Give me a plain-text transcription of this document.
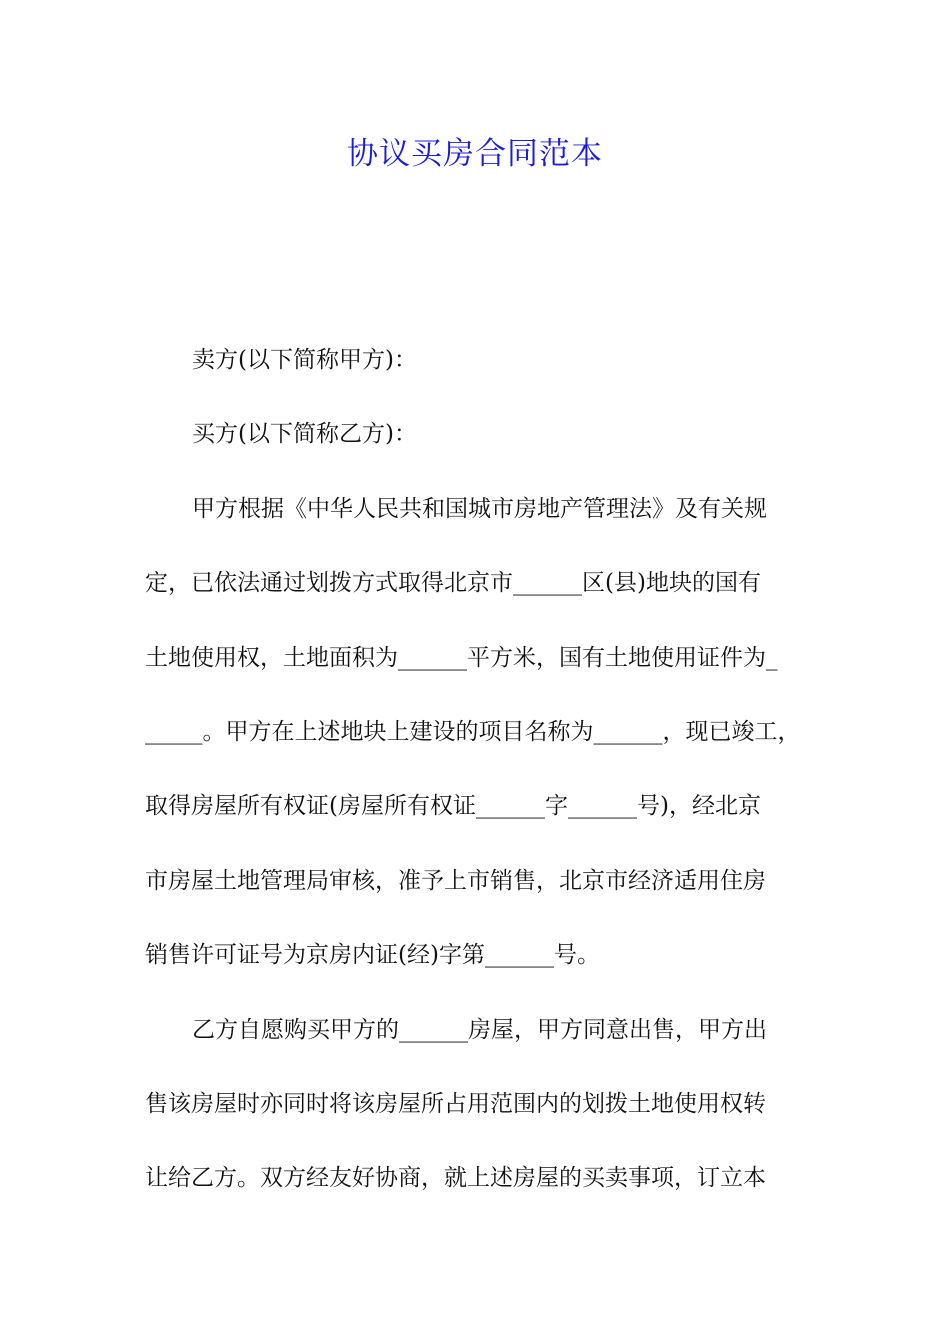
协议买房合同范本
卖方(以下简称甲方)：
买方(以下简称乙方)：
甲方根据《中华人民共和国城市房地产管理法》及有关规
定，已依法通过划拨方式取得北京市______区(县)地块的国有
土地使用权，土地面积为______平方米，国有土地使用证件为_
_____。甲方在上述地块上建设的项目名称为______，现已竣工，
取得房屋所有权证(房屋所有权证______字______号)，经北京
市房屋土地管理局审核，准予上市销售，北京市经济适用住房
销售许可证号为京房内证(经)字第______号。
乙方自愿购买甲方的______房屋，甲方同意出售，甲方出
售该房屋时亦同时将该房屋所占用范围内的划拨土地使用权转
让给乙方。双方经友好协商，就上述房屋的买卖事项，订立本
